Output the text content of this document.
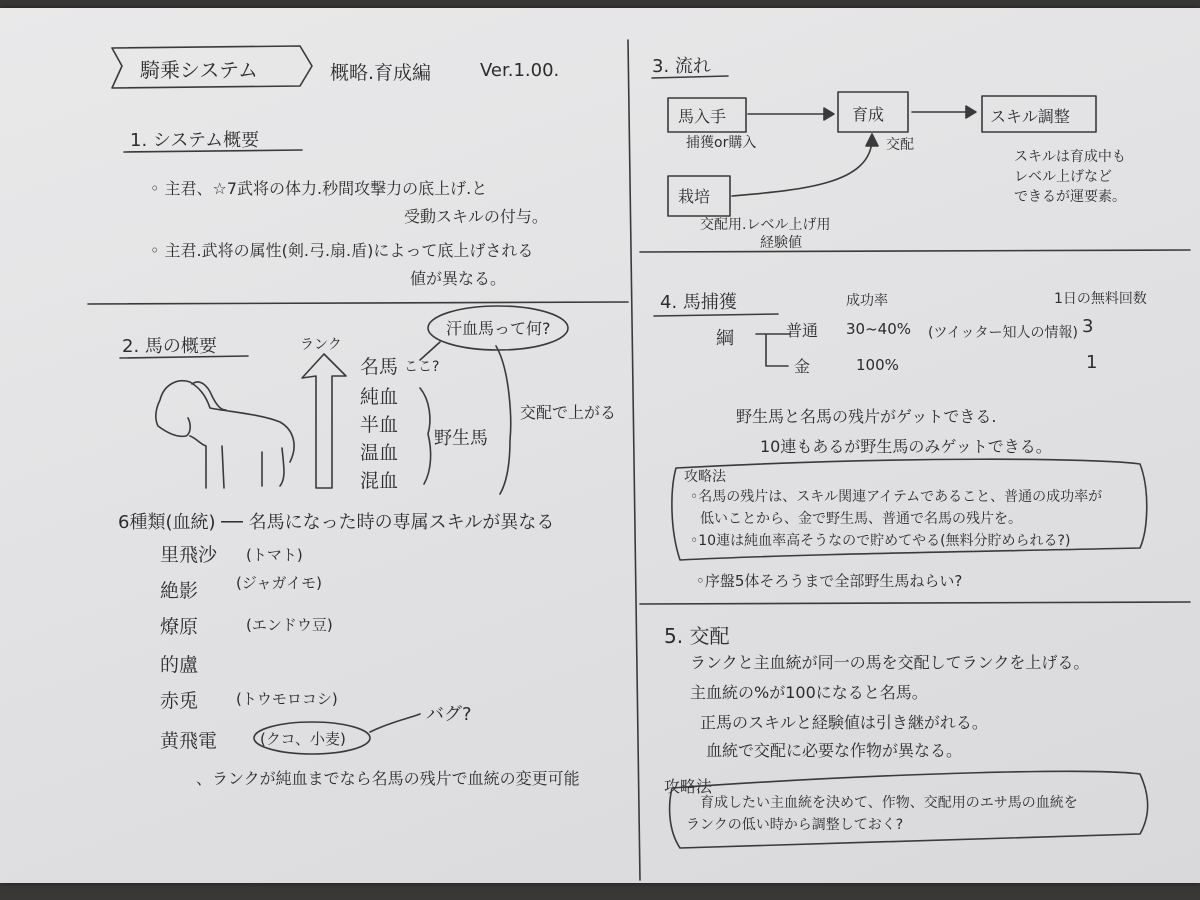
騎乗システム	概略.育成編	Ver.1.00.
1. システム概要
◦ 主君、☆7武将の体力.秒間攻撃力の底上げ.と
受動スキルの付与。
◦ 主君.武将の属性(剣.弓.扇.盾)によって底上げされる
値が異なる。
2. 馬の概要	ランク
汗血馬って何?
名馬 ここ?
純血
半血
温血
混血
野生馬
交配で上がる
6種類(血統) ── 名馬になった時の専属スキルが異なる
里飛沙 (トマト)
絶影	(ジャガイモ)
燎原	(エンドウ豆)
的盧
赤兎	(トウモロコシ)
黄飛電	(クコ、小麦)
バグ?
、ランクが純血までなら名馬の残片で血統の変更可能
3. 流れ
馬入手
捕獲or購入
育成	スキル調整
栽培
交配
交配用.レベル上げ用
経験値
スキルは育成中も
レベル上げなど
できるが運要素。
4. 馬捕獲	成功率	1日の無料回数
綱	普通 30~40% (ツイッター知人の情報) 3
金	100%	1
野生馬と名馬の残片がゲットできる.
10連もあるが野生馬のみゲットできる。
攻略法
◦名馬の残片は、スキル関連アイテムであること、普通の成功率が
低いことから、金で野生馬、普通で名馬の残片を。
◦10連は純血率高そうなので貯めてやる(無料分貯められる?)
◦序盤5体そろうまで全部野生馬ねらい?
5. 交配
ランクと主血統が同一の馬を交配してランクを上げる。
主血統の%が100になると名馬。
正馬のスキルと経験値は引き継がれる。
血統で交配に必要な作物が異なる。
攻略法
育成したい主血統を決めて、作物、交配用のエサ馬の血統を
ランクの低い時から調整しておく?
